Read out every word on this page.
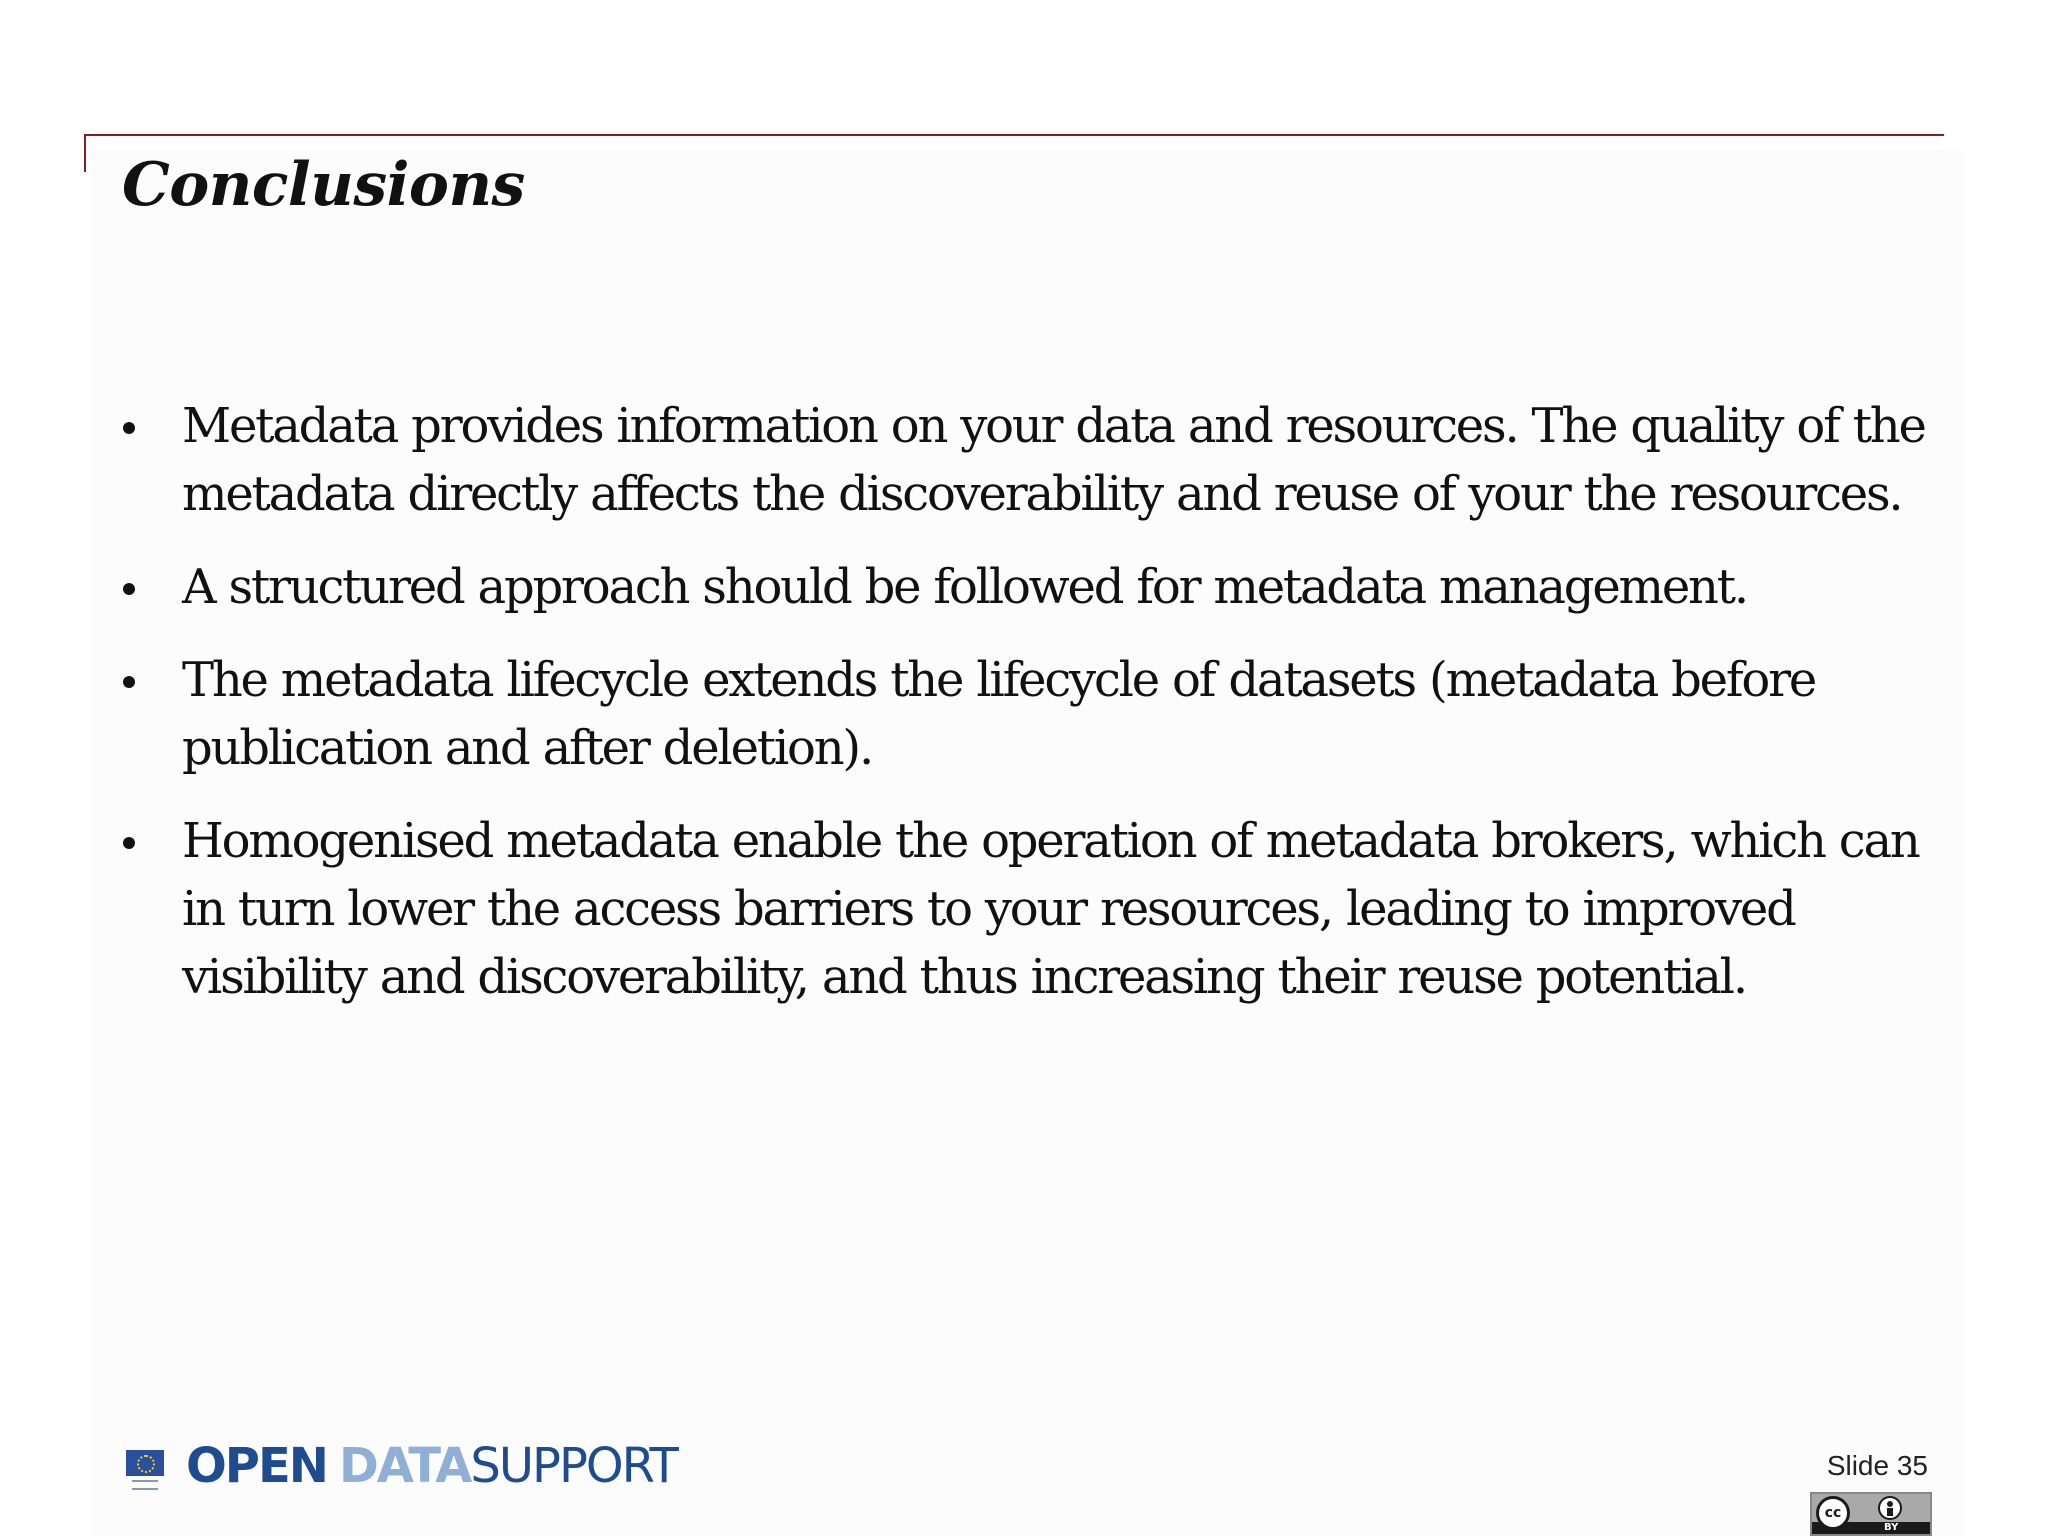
Conclusions
Metadata provides information on your data and resources. The quality of the metadata directly affects the discoverability and reuse of your the resources.
A structured approach should be followed for metadata management.
The metadata lifecycle extends the lifecycle of datasets (metadata before publication and after deletion).
Homogenised metadata enable the operation of metadata brokers, which can in turn lower the access barriers to your resources, leading to improved visibility and discoverability, and thus increasing their reuse potential.
OPEN DATASUPPORT	Slide 35
cc
BY
